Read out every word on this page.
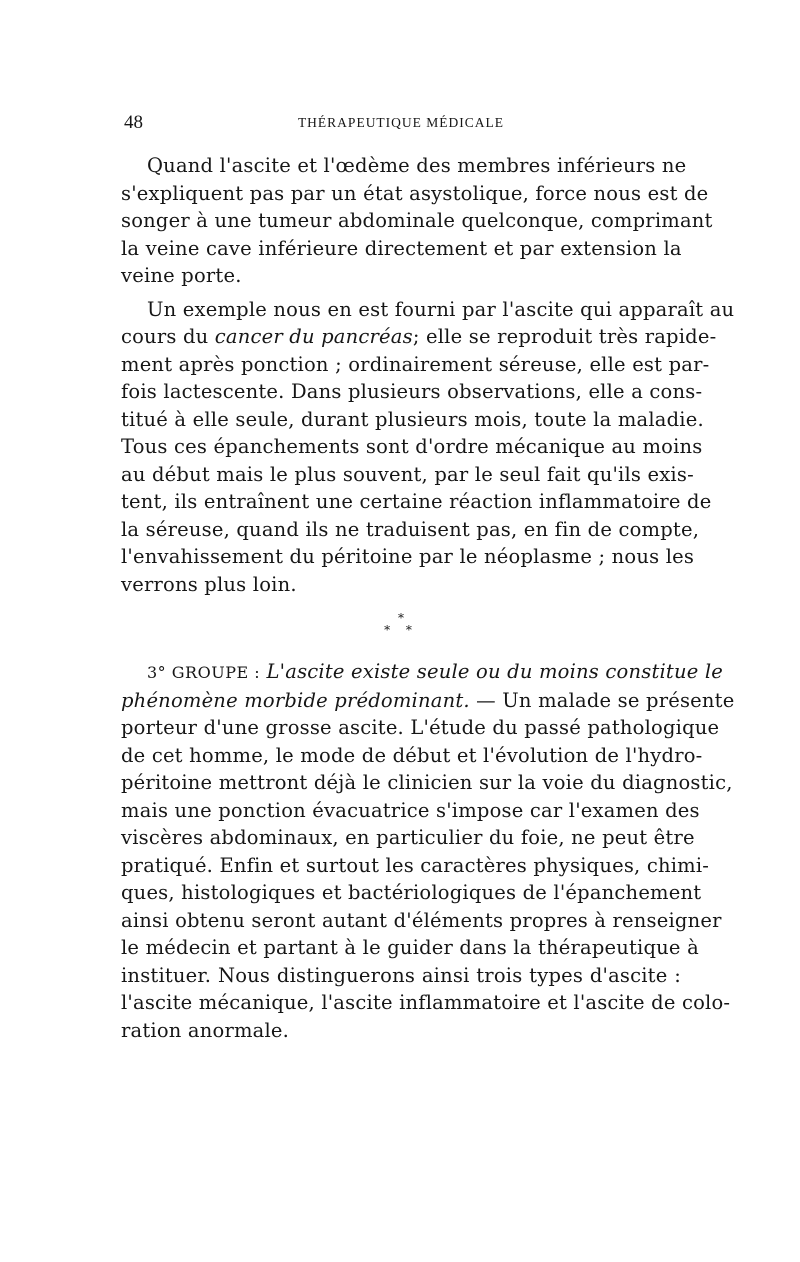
48	THÉRAPEUTIQUE MÉDICALE

Quand l'ascite et l'œdème des membres inférieurs ne
s'expliquent pas par un état asystolique, force nous est de
songer à une tumeur abdominale quelconque, comprimant
la veine cave inférieure directement et par extension la
veine porte.

Un exemple nous en est fourni par l'ascite qui apparaît au
cours du cancer du pancréas; elle se reproduit très rapide-
ment après ponction ; ordinairement séreuse, elle est par-
fois lactescente. Dans plusieurs observations, elle a cons-
titué à elle seule, durant plusieurs mois, toute la maladie.
Tous ces épanchements sont d'ordre mécanique au moins
au début mais le plus souvent, par le seul fait qu'ils exis-
tent, ils entraînent une certaine réaction inflammatoire de
la séreuse, quand ils ne traduisent pas, en fin de compte,
l'envahissement du péritoine par le néoplasme ; nous les
verrons plus loin.

*
* *

3° GROUPE : L'ascite existe seule ou du moins constitue le
phénomène morbide prédominant. — Un malade se présente
porteur d'une grosse ascite. L'étude du passé pathologique
de cet homme, le mode de début et l'évolution de l'hydro-
péritoine mettront déjà le clinicien sur la voie du diagnostic,
mais une ponction évacuatrice s'impose car l'examen des
viscères abdominaux, en particulier du foie, ne peut être
pratiqué. Enfin et surtout les caractères physiques, chimi-
ques, histologiques et bactériologiques de l'épanchement
ainsi obtenu seront autant d'éléments propres à renseigner
le médecin et partant à le guider dans la thérapeutique à
instituer. Nous distinguerons ainsi trois types d'ascite :
l'ascite mécanique, l'ascite inflammatoire et l'ascite de colo-
ration anormale.
